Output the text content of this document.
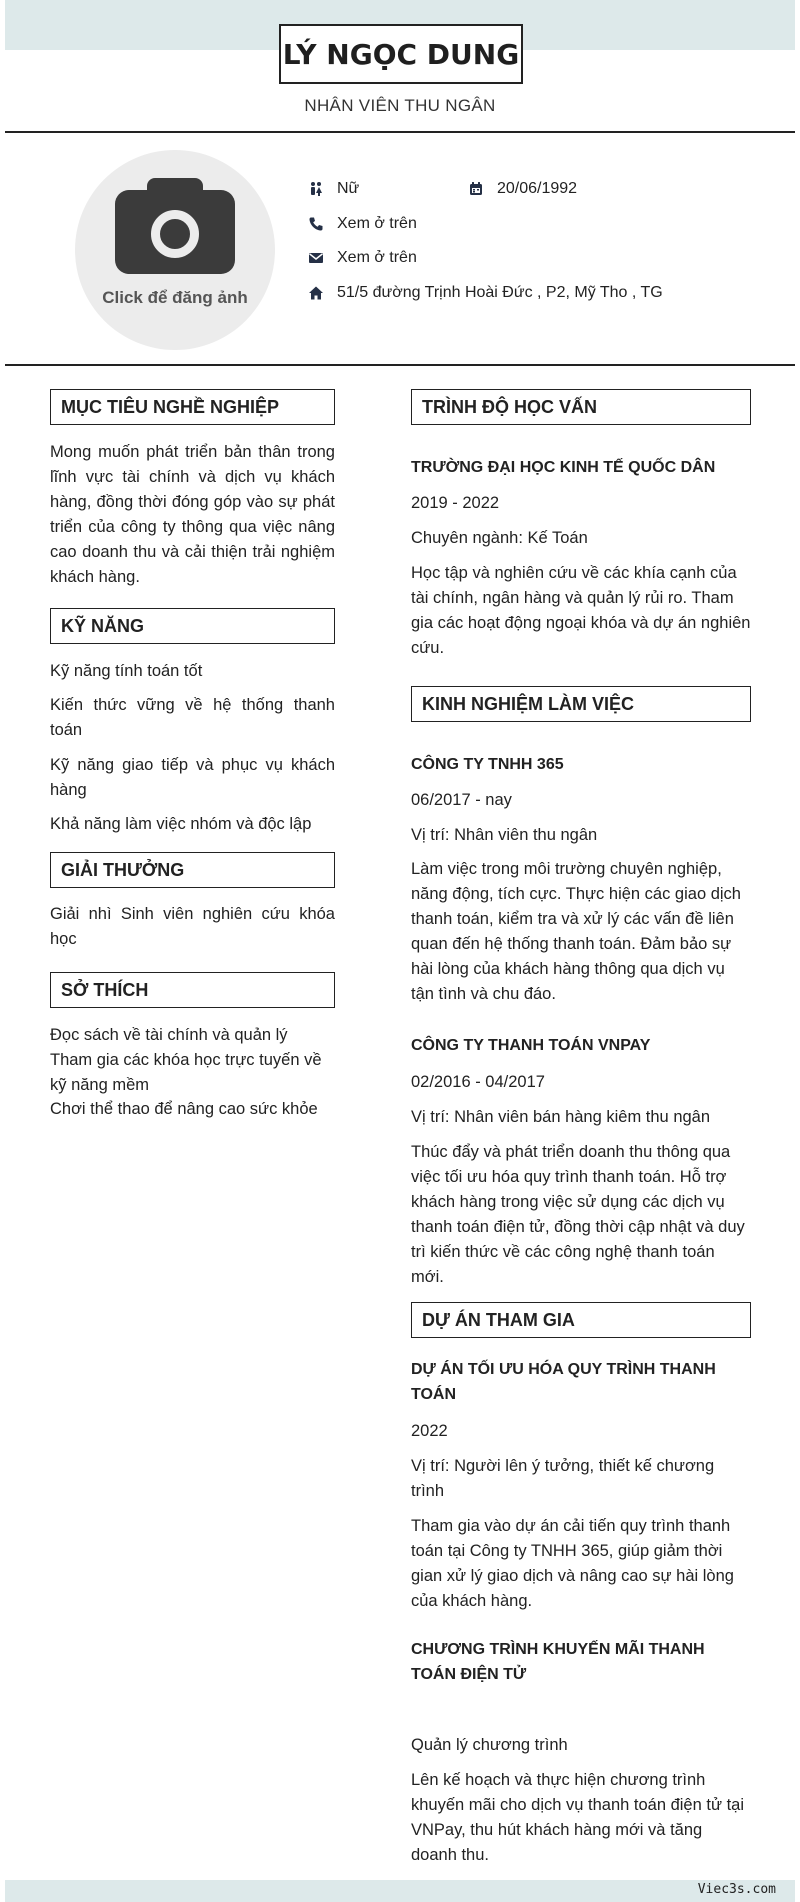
LÝ NGỌC DUNG
NHÂN VIÊN THU NGÂN
Click để đăng ảnh
Nữ	20/06/1992
Xem ở trên
Xem ở trên
51/5 đường Trịnh Hoài Đức , P2, Mỹ Tho , TG
MỤC TIÊU NGHỀ NGHIỆP
Mong muốn phát triển bản thân trong lĩnh vực tài chính và dịch vụ khách hàng, đồng thời đóng góp vào sự phát triển của công ty thông qua việc nâng cao doanh thu và cải thiện trải nghiệm khách hàng.
KỸ NĂNG
Kỹ năng tính toán tốt
Kiến thức vững về hệ thống thanh toán
Kỹ năng giao tiếp và phục vụ khách hàng
Khả năng làm việc nhóm và độc lập
GIẢI THƯỞNG
Giải nhì Sinh viên nghiên cứu khóa học
SỞ THÍCH
Đọc sách về tài chính và quản lý
Tham gia các khóa học trực tuyến về kỹ năng mềm
Chơi thể thao để nâng cao sức khỏe
TRÌNH ĐỘ HỌC VẤN
TRƯỜNG ĐẠI HỌC KINH TẾ QUỐC DÂN
2019 - 2022
Chuyên ngành: Kế Toán
Học tập và nghiên cứu về các khía cạnh của tài chính, ngân hàng và quản lý rủi ro. Tham gia các hoạt động ngoại khóa và dự án nghiên cứu.
KINH NGHIỆM LÀM VIỆC
CÔNG TY TNHH 365
06/2017 - nay
Vị trí: Nhân viên thu ngân
Làm việc trong môi trường chuyên nghiệp, năng động, tích cực. Thực hiện các giao dịch thanh toán, kiểm tra và xử lý các vấn đề liên quan đến hệ thống thanh toán. Đảm bảo sự hài lòng của khách hàng thông qua dịch vụ tận tình và chu đáo.
CÔNG TY THANH TOÁN VNPAY
02/2016 - 04/2017
Vị trí: Nhân viên bán hàng kiêm thu ngân
Thúc đẩy và phát triển doanh thu thông qua việc tối ưu hóa quy trình thanh toán. Hỗ trợ khách hàng trong việc sử dụng các dịch vụ thanh toán điện tử, đồng thời cập nhật và duy trì kiến thức về các công nghệ thanh toán mới.
DỰ ÁN THAM GIA
DỰ ÁN TỐI ƯU HÓA QUY TRÌNH THANH TOÁN
2022
Vị trí: Người lên ý tưởng, thiết kế chương trình
Tham gia vào dự án cải tiến quy trình thanh toán tại Công ty TNHH 365, giúp giảm thời gian xử lý giao dịch và nâng cao sự hài lòng của khách hàng.
CHƯƠNG TRÌNH KHUYẾN MÃI THANH TOÁN ĐIỆN TỬ
Quản lý chương trình
Lên kế hoạch và thực hiện chương trình khuyến mãi cho dịch vụ thanh toán điện tử tại VNPay, thu hút khách hàng mới và tăng doanh thu.
Viec3s.com
